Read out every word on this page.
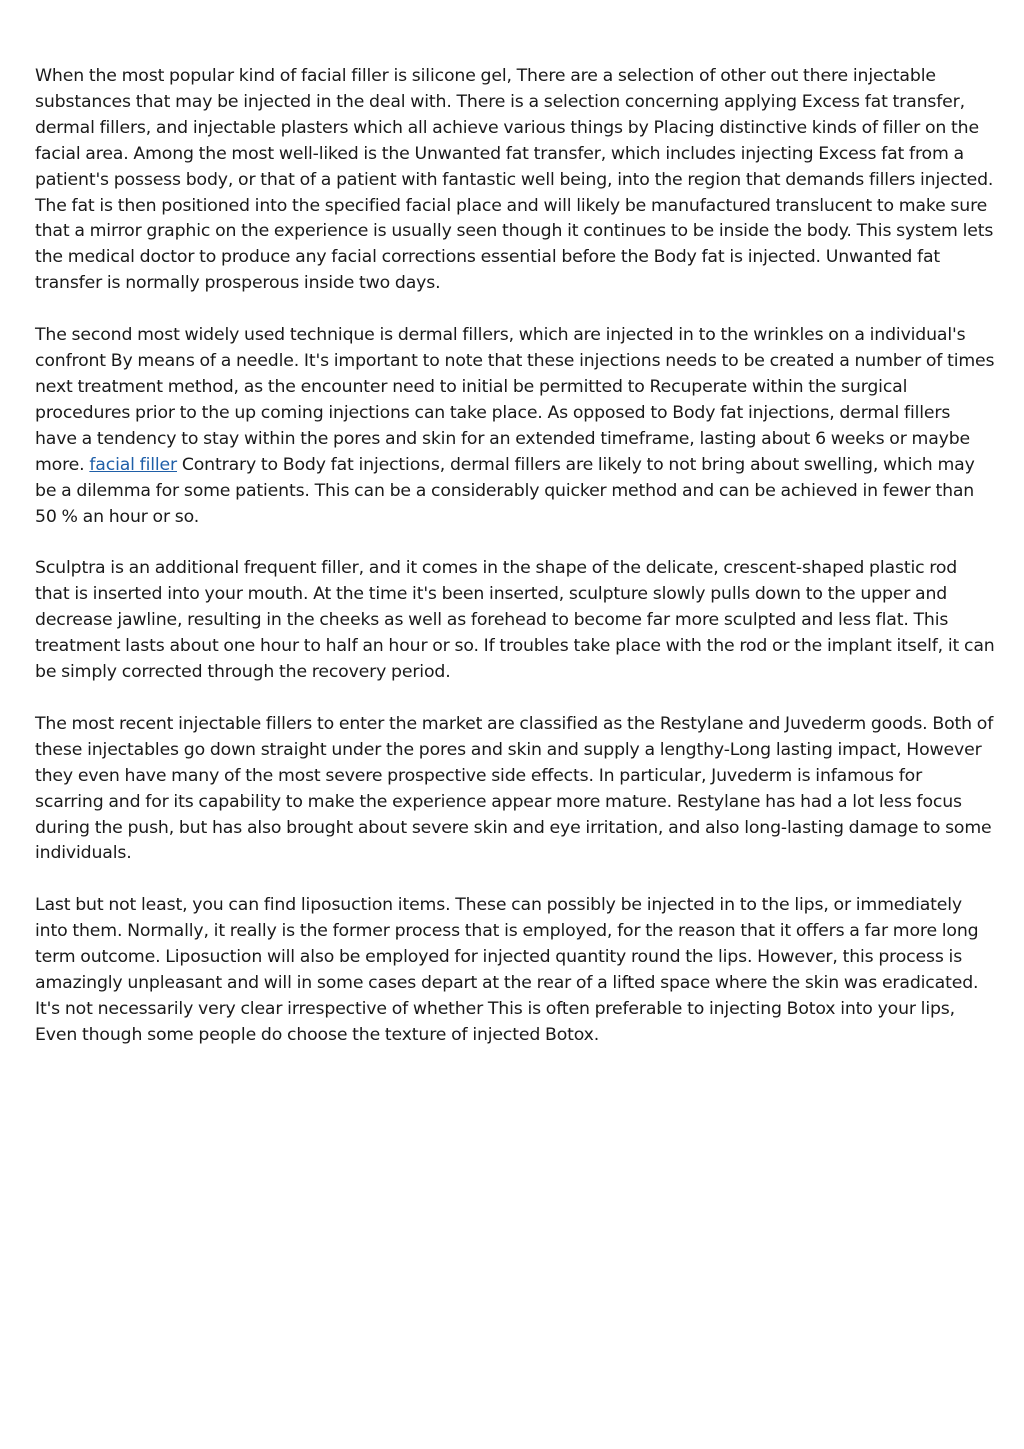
When the most popular kind of facial filler is silicone gel, There are a selection of other out there injectable substances that may be injected in the deal with. There is a selection concerning applying Excess fat transfer, dermal fillers, and injectable plasters which all achieve various things by Placing distinctive kinds of filler on the facial area. Among the most well-liked is the Unwanted fat transfer, which includes injecting Excess fat from a patient's possess body, or that of a patient with fantastic well being, into the region that demands fillers injected. The fat is then positioned into the specified facial place and will likely be manufactured translucent to make sure that a mirror graphic on the experience is usually seen though it continues to be inside the body. This system lets the medical doctor to produce any facial corrections essential before the Body fat is injected. Unwanted fat transfer is normally prosperous inside two days.

The second most widely used technique is dermal fillers, which are injected in to the wrinkles on a individual's confront By means of a needle. It's important to note that these injections needs to be created a number of times next treatment method, as the encounter need to initial be permitted to Recuperate within the surgical procedures prior to the up coming injections can take place. As opposed to Body fat injections, dermal fillers have a tendency to stay within the pores and skin for an extended timeframe, lasting about 6 weeks or maybe more. facial filler Contrary to Body fat injections, dermal fillers are likely to not bring about swelling, which may be a dilemma for some patients. This can be a considerably quicker method and can be achieved in fewer than 50 % an hour or so.

Sculptra is an additional frequent filler, and it comes in the shape of the delicate, crescent-shaped plastic rod that is inserted into your mouth. At the time it's been inserted, sculpture slowly pulls down to the upper and decrease jawline, resulting in the cheeks as well as forehead to become far more sculpted and less flat. This treatment lasts about one hour to half an hour or so. If troubles take place with the rod or the implant itself, it can be simply corrected through the recovery period.

The most recent injectable fillers to enter the market are classified as the Restylane and Juvederm goods. Both of these injectables go down straight under the pores and skin and supply a lengthy-Long lasting impact, However they even have many of the most severe prospective side effects. In particular, Juvederm is infamous for scarring and for its capability to make the experience appear more mature. Restylane has had a lot less focus during the push, but has also brought about severe skin and eye irritation, and also long-lasting damage to some individuals.

Last but not least, you can find liposuction items. These can possibly be injected in to the lips, or immediately into them. Normally, it really is the former process that is employed, for the reason that it offers a far more long term outcome. Liposuction will also be employed for injected quantity round the lips. However, this process is amazingly unpleasant and will in some cases depart at the rear of a lifted space where the skin was eradicated. It's not necessarily very clear irrespective of whether This is often preferable to injecting Botox into your lips, Even though some people do choose the texture of injected Botox.
